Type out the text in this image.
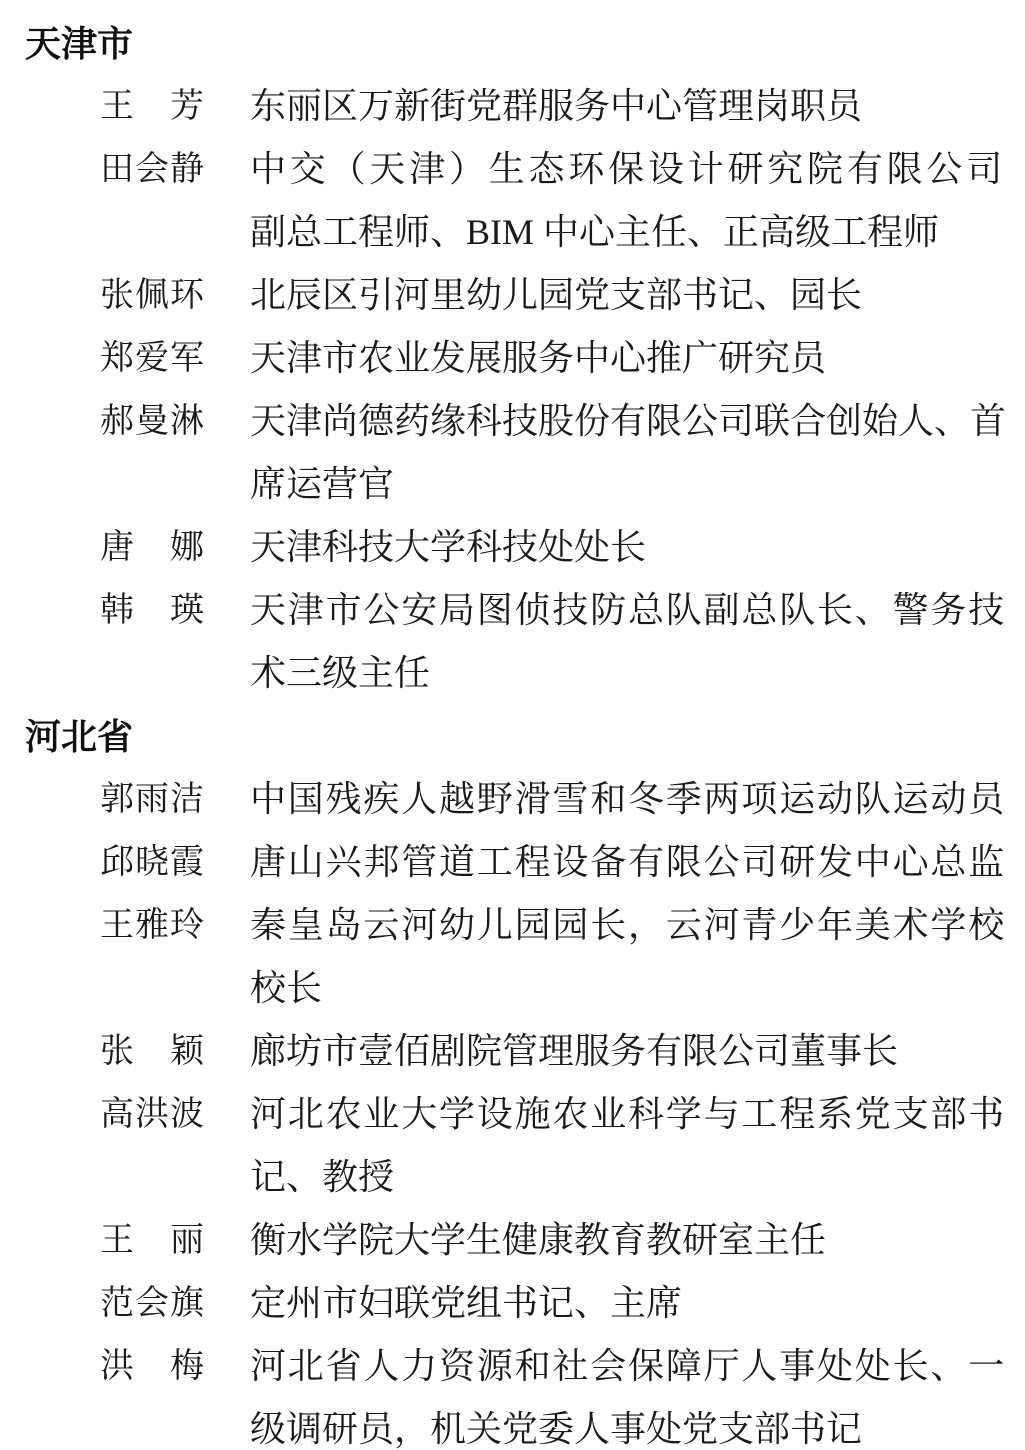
天津市
王 芳 东丽区万新街党群服务中心管理岗职员
田 会 静 中交（天津）生态环保设计研究院有限公司
副总工程师、BIM 中心主任、正高级工程师
张 佩 环 北辰区引河里幼儿园党支部书记、园长
郑 爱 军 天津市农业发展服务中心推广研究员
郝 曼 淋 天津尚德药缘科技股份有限公司联合创始人、首
席运营官
唐 娜 天津科技大学科技处处长
韩 瑛 天津市公安局图侦技防总队副总队长、警务技
术三级主任
河北省
郭 雨 洁 中国残疾人越野滑雪和冬季两项运动队运动员
邱 晓 霞 唐山兴邦管道工程设备有限公司研发中心总监
王 雅 玲 秦皇岛云河幼儿园园长，云河青少年美术学校
校长
张 颖 廊坊市壹佰剧院管理服务有限公司董事长
高 洪 波 河北农业大学设施农业科学与工程系党支部书
记、教授
王 丽 衡水学院大学生健康教育教研室主任
范 会 旗 定州市妇联党组书记、主席
洪 梅 河北省人力资源和社会保障厅人事处处长、一
级调研员，机关党委人事处党支部书记
